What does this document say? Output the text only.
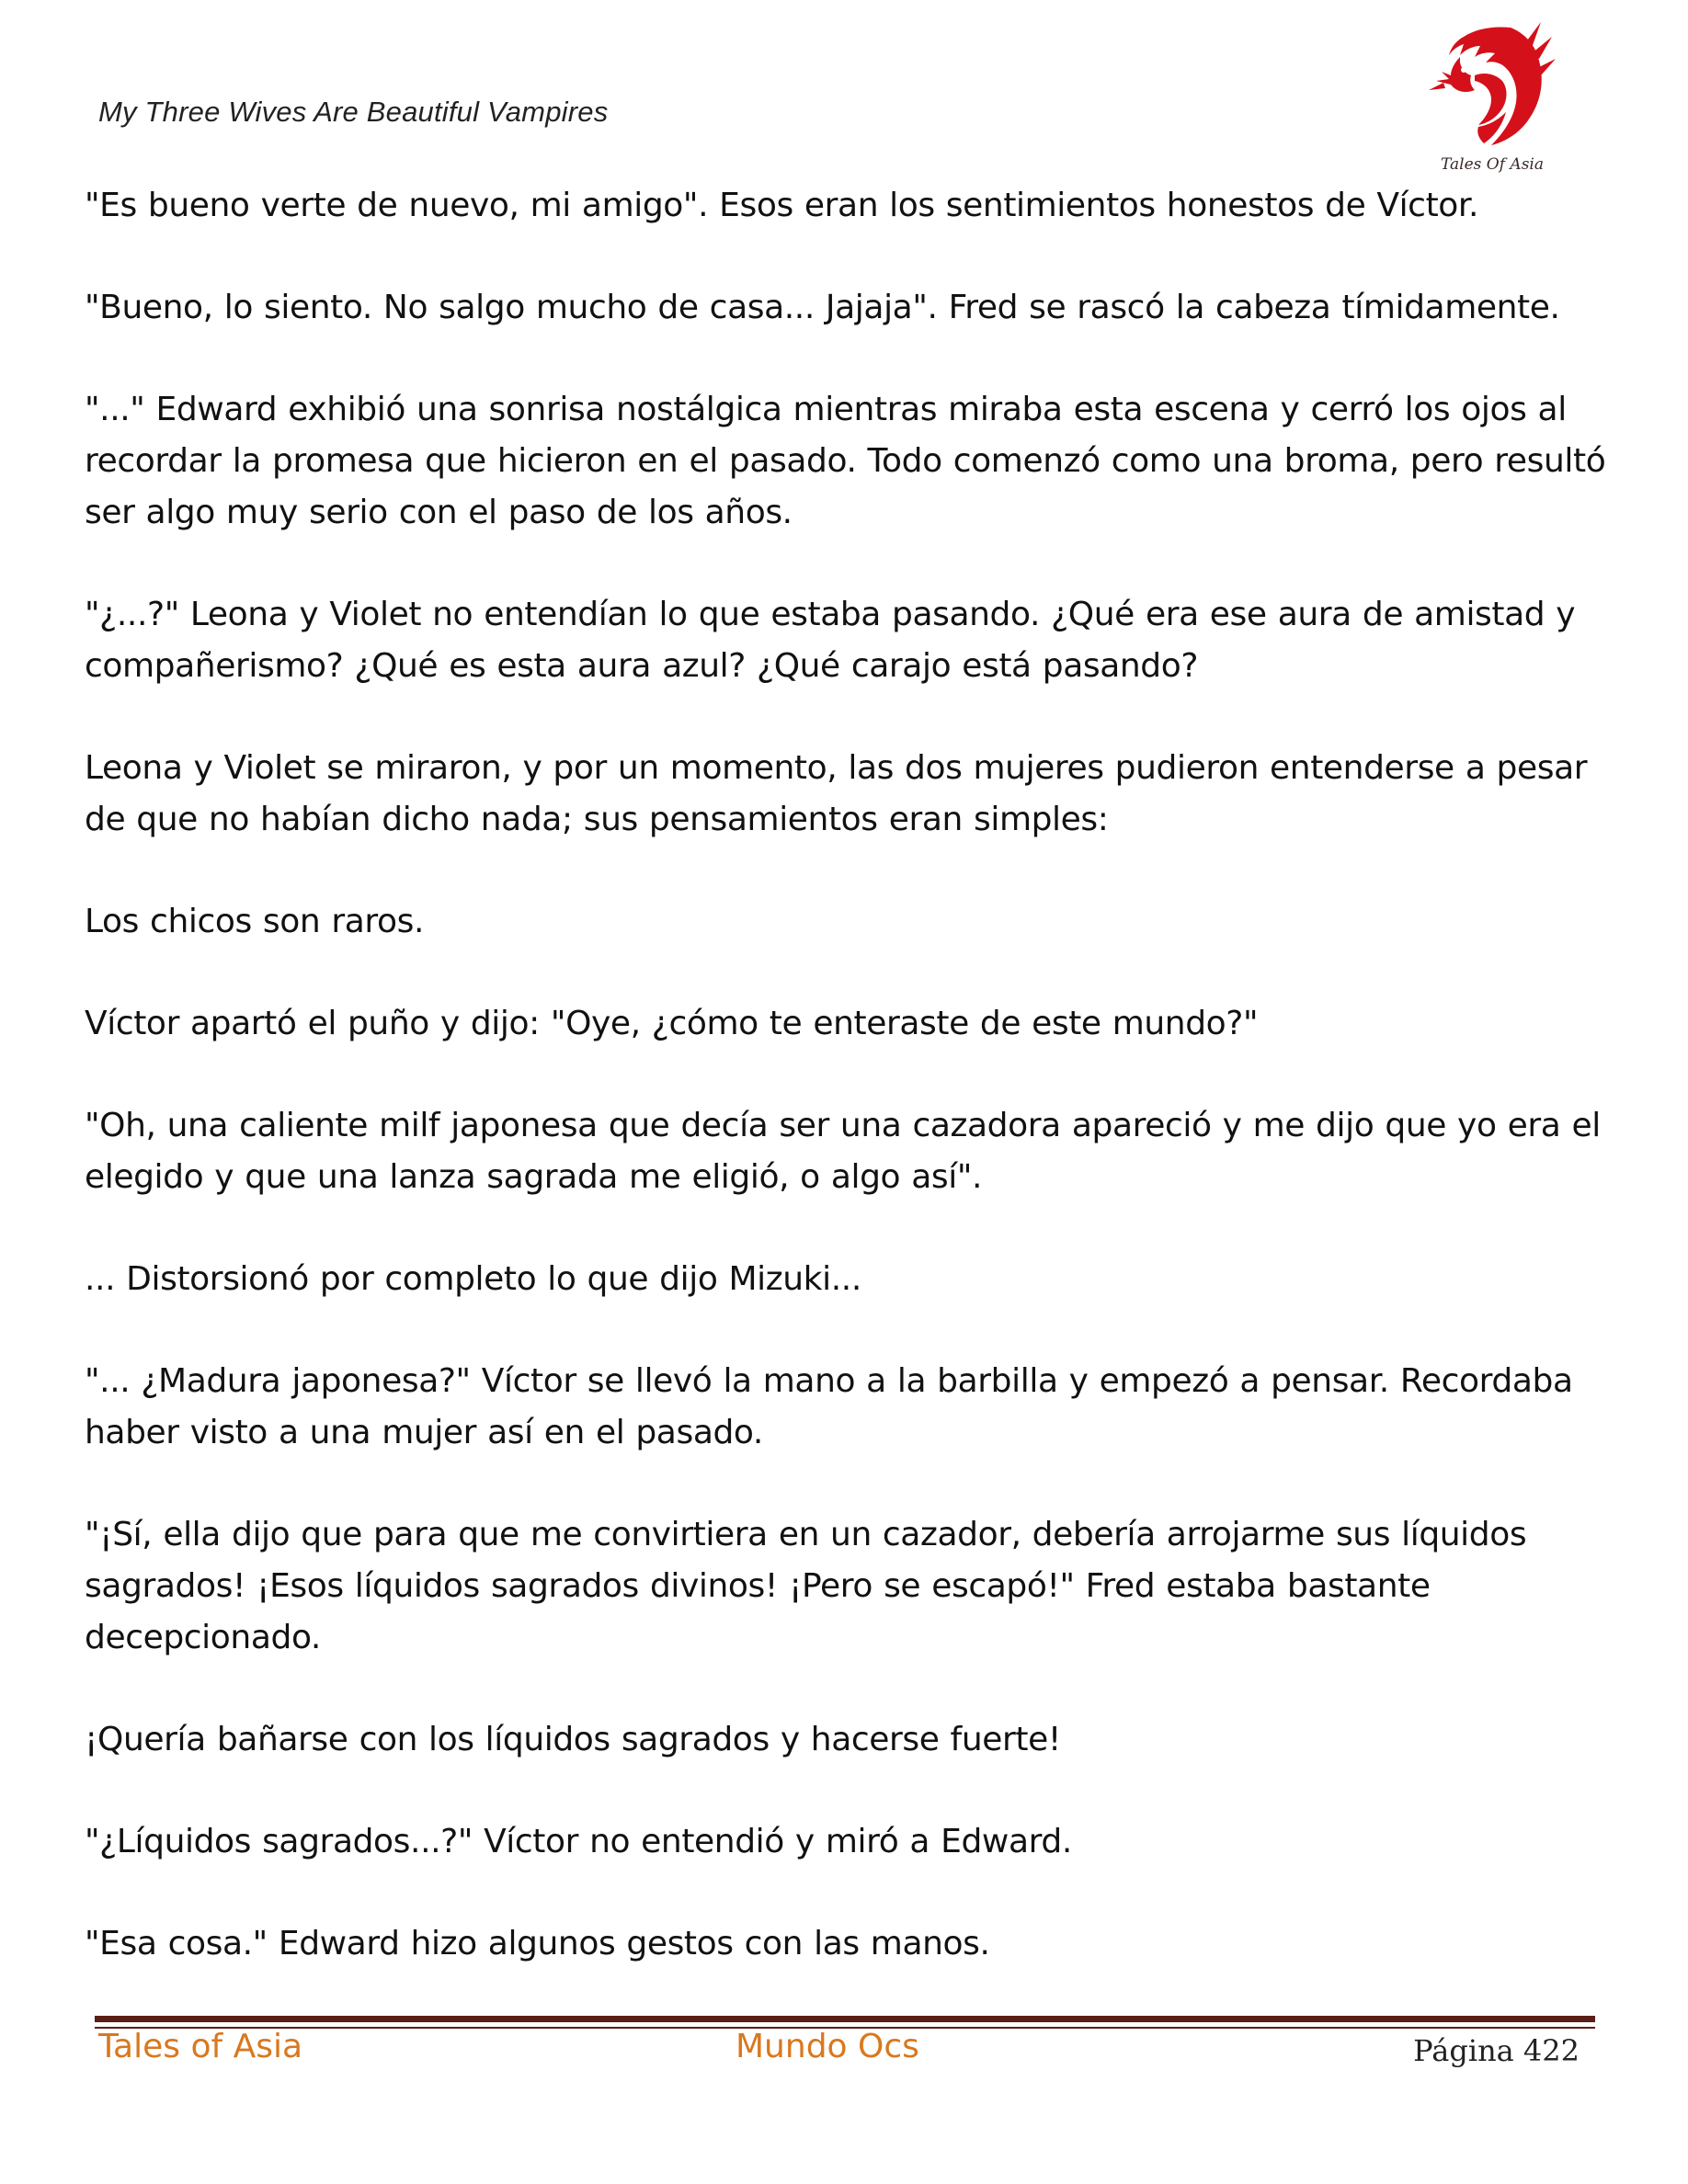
My Three Wives Are Beautiful Vampires
Tales Of Asia

"Es bueno verte de nuevo, mi amigo". Esos eran los sentimientos honestos de Víctor.

"Bueno, lo siento. No salgo mucho de casa... Jajaja". Fred se rascó la cabeza tímidamente.

"..." Edward exhibió una sonrisa nostálgica mientras miraba esta escena y cerró los ojos al recordar la promesa que hicieron en el pasado. Todo comenzó como una broma, pero resultó ser algo muy serio con el paso de los años.

"¿...?" Leona y Violet no entendían lo que estaba pasando. ¿Qué era ese aura de amistad y compañerismo? ¿Qué es esta aura azul? ¿Qué carajo está pasando?

Leona y Violet se miraron, y por un momento, las dos mujeres pudieron entenderse a pesar de que no habían dicho nada; sus pensamientos eran simples:

Los chicos son raros.

Víctor apartó el puño y dijo: "Oye, ¿cómo te enteraste de este mundo?"

"Oh, una caliente milf japonesa que decía ser una cazadora apareció y me dijo que yo era el elegido y que una lanza sagrada me eligió, o algo así".

... Distorsionó por completo lo que dijo Mizuki...

"... ¿Madura japonesa?" Víctor se llevó la mano a la barbilla y empezó a pensar. Recordaba haber visto a una mujer así en el pasado.

"¡Sí, ella dijo que para que me convirtiera en un cazador, debería arrojarme sus líquidos sagrados! ¡Esos líquidos sagrados divinos! ¡Pero se escapó!" Fred estaba bastante decepcionado.

¡Quería bañarse con los líquidos sagrados y hacerse fuerte!

"¿Líquidos sagrados...?" Víctor no entendió y miró a Edward.

"Esa cosa." Edward hizo algunos gestos con las manos.

Tales of Asia	Mundo Ocs	Página 422
